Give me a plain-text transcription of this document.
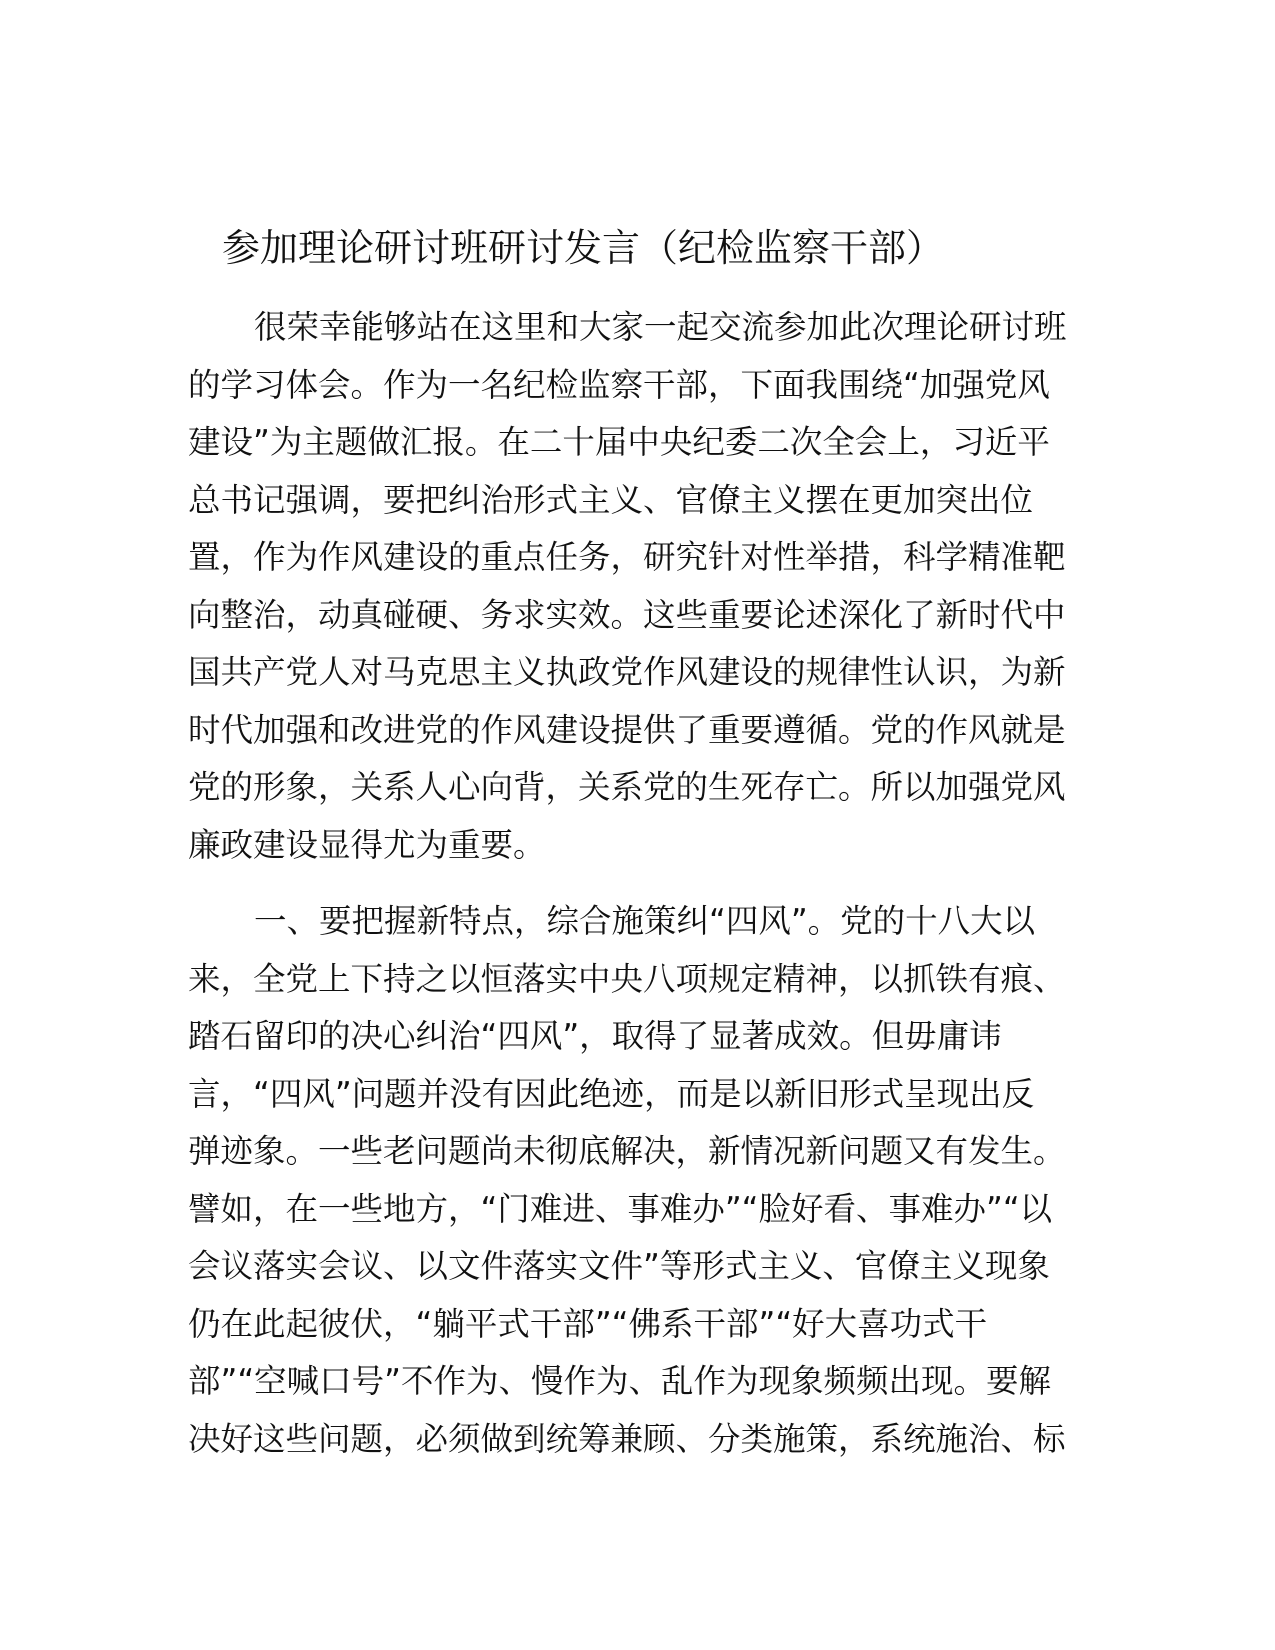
参加理论研讨班研讨发言（纪检监察干部）
很荣幸能够站在这里和大家一起交流参加此次理论研讨班
的学习体会。作为一名纪检监察干部，下面我围绕“加强党风
建设”为主题做汇报。在二十届中央纪委二次全会上，习近平
总书记强调，要把纠治形式主义、官僚主义摆在更加突出位
置，作为作风建设的重点任务，研究针对性举措，科学精准靶
向整治，动真碰硬、务求实效。这些重要论述深化了新时代中
国共产党人对马克思主义执政党作风建设的规律性认识，为新
时代加强和改进党的作风建设提供了重要遵循。党的作风就是
党的形象，关系人心向背，关系党的生死存亡。所以加强党风
廉政建设显得尤为重要。
一、要把握新特点，综合施策纠“四风”。党的十八大以
来，全党上下持之以恒落实中央八项规定精神，以抓铁有痕、
踏石留印的决心纠治“四风”，取得了显著成效。但毋庸讳
言，“四风”问题并没有因此绝迹，而是以新旧形式呈现出反
弹迹象。一些老问题尚未彻底解决，新情况新问题又有发生。
譬如，在一些地方，“门难进、事难办”“脸好看、事难办”“以
会议落实会议、以文件落实文件”等形式主义、官僚主义现象
仍在此起彼伏，“躺平式干部”“佛系干部”“好大喜功式干
部”“空喊口号”不作为、慢作为、乱作为现象频频出现。要解
决好这些问题，必须做到统筹兼顾、分类施策，系统施治、标
